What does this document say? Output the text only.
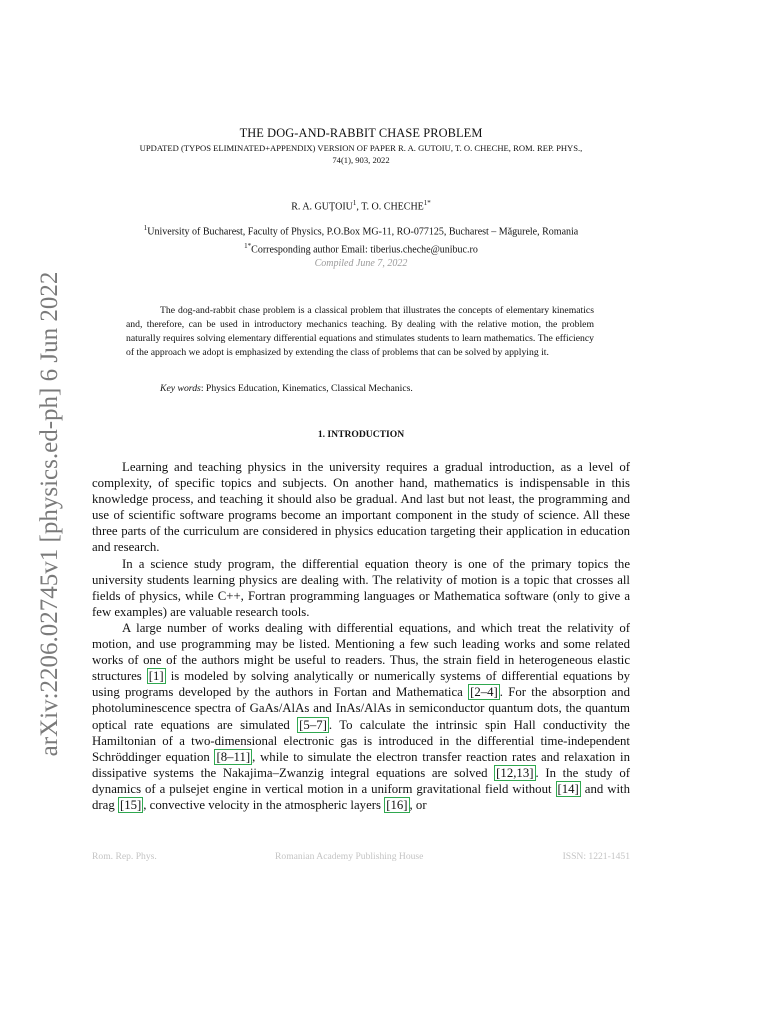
arXiv:2206.02745v1 [physics.ed-ph] 6 Jun 2022
THE DOG-AND-RABBIT CHASE PROBLEM
UPDATED (TYPOS ELIMINATED+APPENDIX) VERSION OF PAPER R. A. GUTOIU, T. O. CHECHE, ROM. REP. PHYS.,
74(1), 903, 2022
R. A. GUȚOIU$^1$, T. O. $CHECHE^{1*}$
$^1$University of Bucharest, Faculty of Physics, P.O.Box MG-11, RO-077125, Bucharest – Măgurele, Romania
$^{1*}$Corresponding author Email: tiberius.cheche@unibuc.ro
Compiled June 7, 2022

The dog-and-rabbit chase problem is a classical problem that illustrates the concepts of elementary kinematics and, therefore, can be used in introductory mechanics teaching. By dealing with the relative motion, the problem naturally requires solving elementary differential equations and stimulates students to learn mathematics. The efficiency of the approach we adopt is emphasized by extending the class of problems that can be solved by applying it.

Key words: Physics Education, Kinematics, Classical Mechanics.
1. INTRODUCTION

Learning and teaching physics in the university requires a gradual introduction, as a level of complexity, of specific topics and subjects. On another hand, mathematics is indispensable in this knowledge process, and teaching it should also be gradual. And last but not least, the programming and use of scientific software programs become an important component in the study of science. All these three parts of the curriculum are considered in physics education targeting their application in education and research.

In a science study program, the differential equation theory is one of the primary topics the university students learning physics are dealing with. The relativity of motion is a topic that crosses all fields of physics, while C++, Fortran programming languages or Mathematica software (only to give a few examples) are valuable research tools.

A large number of works dealing with differential equations, and which treat the relativity of motion, and use programming may be listed. Mentioning a few such leading works and some related works of one of the authors might be useful to readers. Thus, the strain field in heterogeneous elastic structures [1] is modeled by solving analytically or numerically systems of differential equations by using programs developed by the authors in Fortan and Mathematica [2–4] . For the absorption and photoluminescence spectra of GaAs/AlAs and InAs/AlAs in semiconductor quantum dots, the quantum optical rate equations are simulated [5–7] . To calculate the intrinsic spin Hall conductivity the Hamiltonian of a two-dimensional electronic gas is introduced in the differential time-independent Schröddinger equation [8–11] , while to simulate the electron transfer reaction rates and relaxation in dissipative systems the Nakajima–Zwanzig integral equations are solved [12,13] . In the study of dynamics of a pulsejet engine in vertical motion in a uniform gravitational field without [14] and with drag [15] , convective velocity in the atmospheric layers [16] , or

Rom. Rep. Phys.	Romanian Academy Publishing House	ISSN: 1221-1451
